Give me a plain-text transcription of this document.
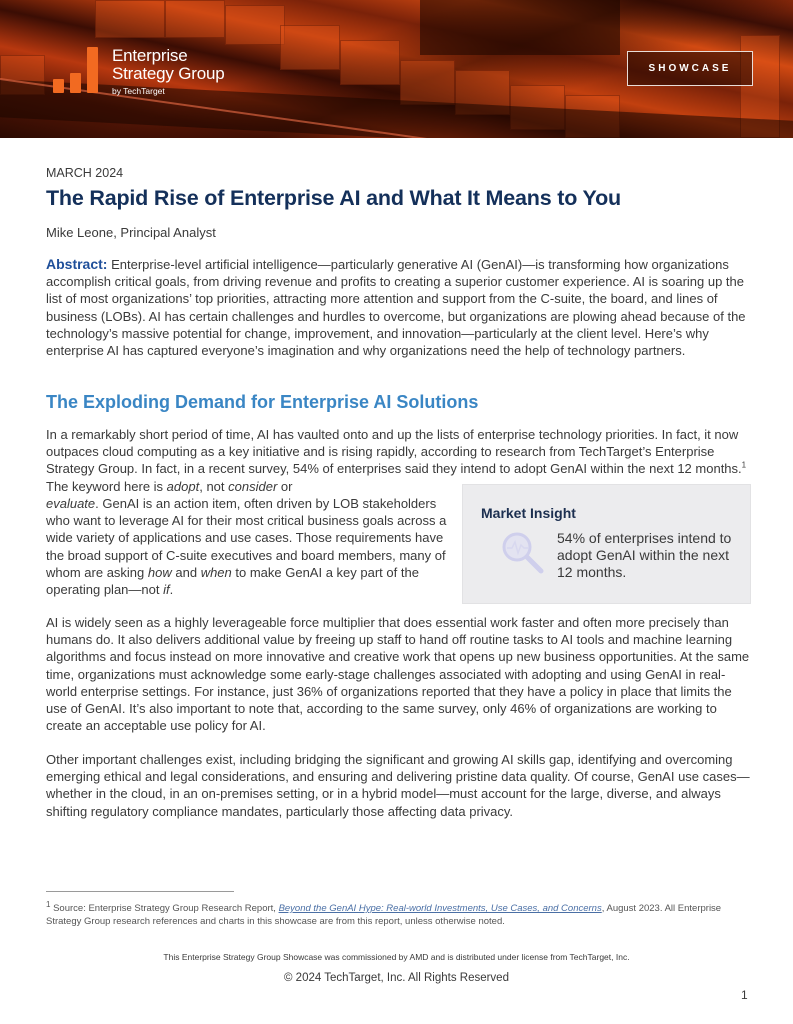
Enterprise
Strategy Group
by TechTarget
SHOWCASE
MARCH 2024
The Rapid Rise of Enterprise AI and What It Means to You
Mike Leone, Principal Analyst
Abstract: Enterprise-level artificial intelligence—particularly generative AI (GenAI)—is transforming how organizations accomplish critical goals, from driving revenue and profits to creating a superior customer experience. AI is soaring up the list of most organizations’ top priorities, attracting more attention and support from the C-suite, the board, and lines of business (LOBs). AI has certain challenges and hurdles to overcome, but organizations are plowing ahead because of the technology’s massive potential for change, improvement, and innovation—particularly at the client level. Here’s why enterprise AI has captured everyone’s imagination and why organizations need the help of technology partners.
The Exploding Demand for Enterprise AI Solutions
In a remarkably short period of time, AI has vaulted onto and up the lists of enterprise technology priorities. In fact, it now outpaces cloud computing as a key initiative and is rising rapidly, according to research from TechTarget’s Enterprise Strategy Group. In fact, in a recent survey, 54% of enterprises said they intend to adopt GenAI within the next 12 months.$^1$ The keyword here is adopt, not consider or
evaluate. GenAI is an action item, often driven by LOB stakeholders who want to leverage AI for their most critical business goals across a wide variety of applications and use cases. Those requirements have the broad support of C-suite executives and board members, many of whom are asking how and when to make GenAI a key part of the operating plan—not if.
Market Insight
54% of enterprises intend to adopt GenAI within the next 12 months.
AI is widely seen as a highly leverageable force multiplier that does essential work faster and often more precisely than humans do. It also delivers additional value by freeing up staff to hand off routine tasks to AI tools and machine learning algorithms and focus instead on more innovative and creative work that opens up new business opportunities. At the same time, organizations must acknowledge some early-stage challenges associated with adopting and using GenAI in real-world enterprise settings. For instance, just 36% of organizations reported that they have a policy in place that limits the use of GenAI. It’s also important to note that, according to the same survey, only 46% of organizations are working to create an acceptable use policy for AI.
Other important challenges exist, including bridging the significant and growing AI skills gap, identifying and overcoming emerging ethical and legal considerations, and ensuring and delivering pristine data quality. Of course, GenAI use cases—whether in the cloud, in an on-premises setting, or in a hybrid model—must account for the large, diverse, and always shifting regulatory compliance mandates, particularly those affecting data privacy.
$^1$ Source: Enterprise Strategy Group Research Report, Beyond the GenAI Hype: Real-world Investments, Use Cases, and Concerns, August 2023. All Enterprise Strategy Group research references and charts in this showcase are from this report, unless otherwise noted.
This Enterprise Strategy Group Showcase was commissioned by AMD and is distributed under license from TechTarget, Inc.
© 2024 TechTarget, Inc. All Rights Reserved
1
